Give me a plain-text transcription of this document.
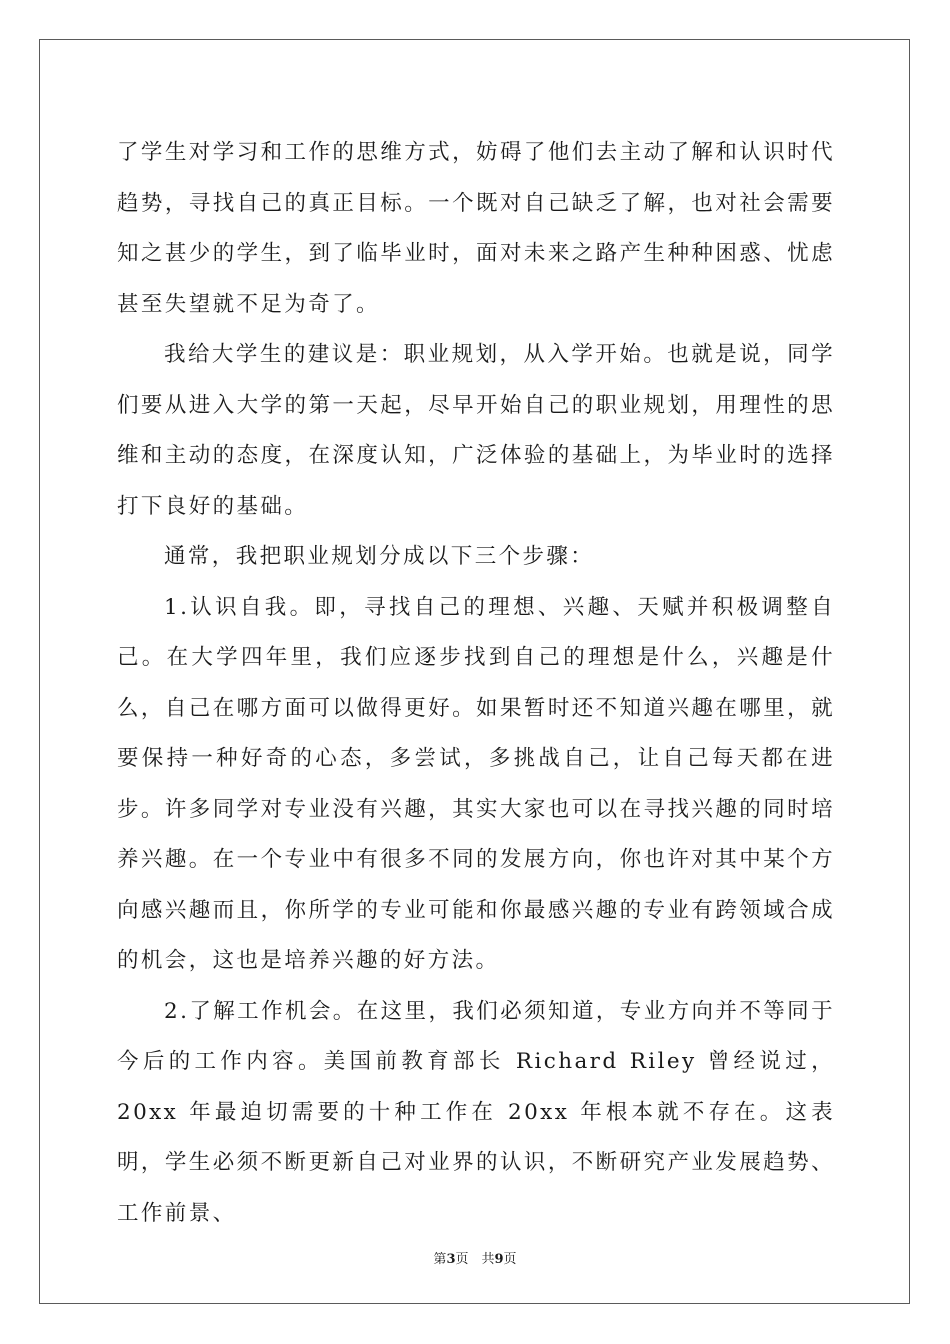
了学生对学习和工作的思维方式，妨碍了他们去主动了解和认识时代趋势，寻找自己的真正目标。一个既对自己缺乏了解，也对社会需要知之甚少的学生，到了临毕业时，面对未来之路产生种种困惑、忧虑甚至失望就不足为奇了。

我给大学生的建议是：职业规划，从入学开始。也就是说，同学们要从进入大学的第一天起，尽早开始自己的职业规划，用理性的思维和主动的态度，在深度认知，广泛体验的基础上，为毕业时的选择打下良好的基础。

通常，我把职业规划分成以下三个步骤：

1.认识自我。即，寻找自己的理想、兴趣、天赋并积极调整自己。在大学四年里，我们应逐步找到自己的理想是什么，兴趣是什么，自己在哪方面可以做得更好。如果暂时还不知道兴趣在哪里，就要保持一种好奇的心态，多尝试，多挑战自己，让自己每天都在进步。许多同学对专业没有兴趣，其实大家也可以在寻找兴趣的同时培养兴趣。在一个专业中有很多不同的发展方向，你也许对其中某个方向感兴趣而且，你所学的专业可能和你最感兴趣的专业有跨领域合成的机会，这也是培养兴趣的好方法。

2.了解工作机会。在这里，我们必须知道，专业方向并不等同于今后的工作内容。美国前教育部长 Richard Riley 曾经说过，20xx 年最迫切需要的十种工作在 20xx 年根本就不存在。这表明，学生必须不断更新自己对业界的认识，不断研究产业发展趋势、工作前景、

第3页　共9页
